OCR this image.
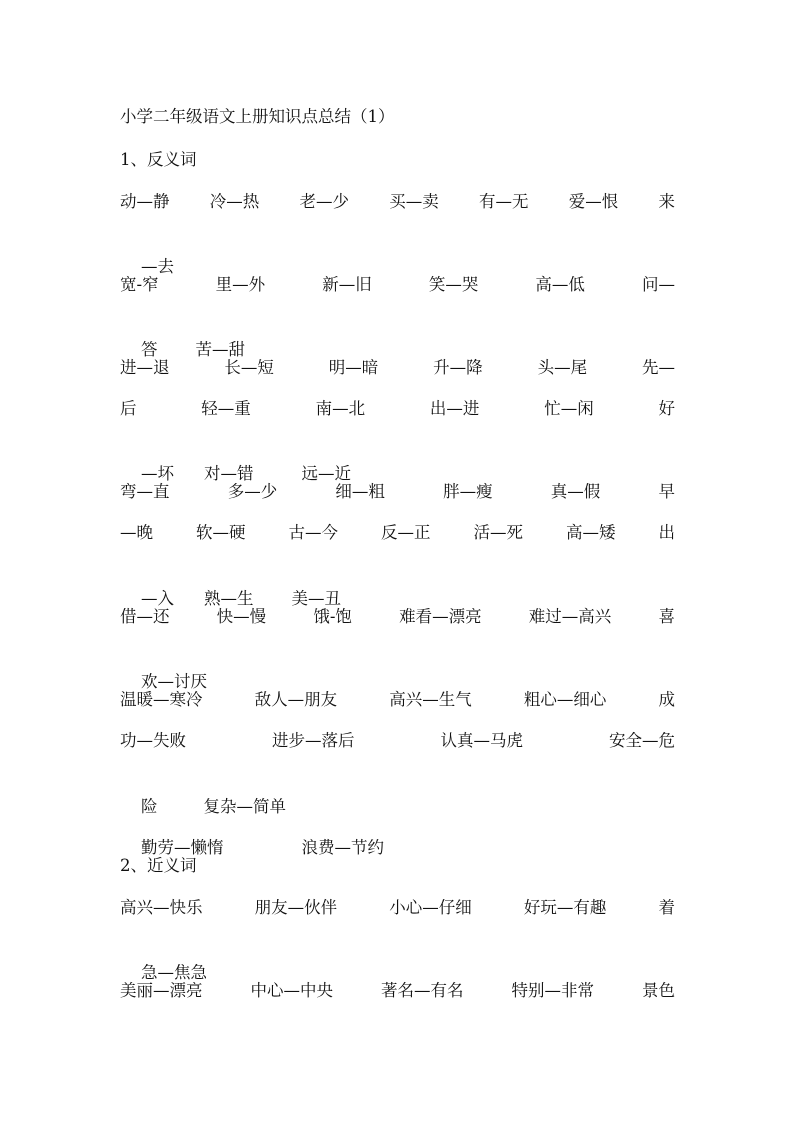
小学二年级语文上册知识点总结（1）
1、反义词
动—静 冷—热 老—少 买—卖 有—无 爱—恨 来

—去

宽-窄	里—外	新—旧	笑—哭	高—低	问—

答 苦—甜

进—退	长—短	明—暗	升—降	头—尾	先—
后	轻—重	南—北	出—进	忙—闲	好

—坏 对—错	远—近

弯—直	多—少	细—粗	胖—瘦	真—假	早
—晚	软—硬	古—今	反—正	活—死	高—矮	出

—入 熟—生 美—丑

借—还	快—慢	饿-饱	难看—漂亮	难过—高兴	喜

欢—讨厌

温暖—寒冷	敌人—朋友	高兴—生气	粗心—细心	成
功—失败	进步—落后	认真—马虎	安全—危

险	复杂—简单

勤劳—懒惰	浪费—节约

2、近义词
高兴—快乐	朋友—伙伴	小心—仔细	好玩—有趣	着

急—焦急

美丽—漂亮	中心—中央	著名—有名	特别—非常	景色
